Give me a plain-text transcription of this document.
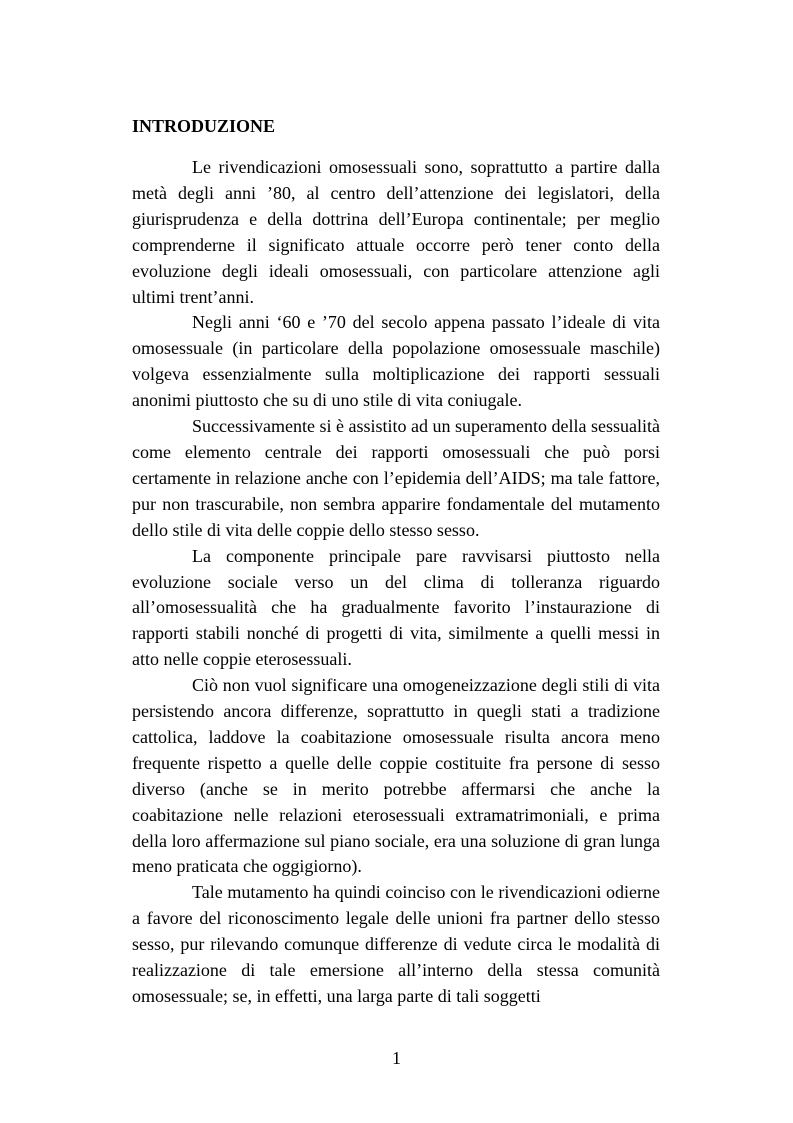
INTRODUZIONE

Le rivendicazioni omosessuali sono, soprattutto a partire dalla metà degli anni ’80, al centro dell’attenzione dei legislatori, della giurisprudenza e della dottrina dell’Europa continentale; per meglio comprenderne il significato attuale occorre però tener conto della evoluzione degli ideali omosessuali, con particolare attenzione agli ultimi trent’anni.

Negli anni ‘60 e ’70 del secolo appena passato l’ideale di vita omosessuale (in particolare della popolazione omosessuale maschile) volgeva essenzialmente sulla moltiplicazione dei rapporti sessuali anonimi piuttosto che su di uno stile di vita coniugale.

Successivamente si è assistito ad un superamento della sessualità come elemento centrale dei rapporti omosessuali che può porsi certamente in relazione anche con l’epidemia dell’AIDS; ma tale fattore, pur non trascurabile, non sembra apparire fondamentale del mutamento dello stile di vita delle coppie dello stesso sesso.

La componente principale pare ravvisarsi piuttosto nella evoluzione sociale verso un del clima di tolleranza riguardo all’omosessualità che ha gradualmente favorito l’instaurazione di rapporti stabili nonché di progetti di vita, similmente a quelli messi in atto nelle coppie eterosessuali.

Ciò non vuol significare una omogeneizzazione degli stili di vita persistendo ancora differenze, soprattutto in quegli stati a tradizione cattolica, laddove la coabitazione omosessuale risulta ancora meno frequente rispetto a quelle delle coppie costituite fra persone di sesso diverso (anche se in merito potrebbe affermarsi che anche la coabitazione nelle relazioni eterosessuali extramatrimoniali, e prima della loro affermazione sul piano sociale, era una soluzione di gran lunga meno praticata che oggigiorno).

Tale mutamento ha quindi coinciso con le rivendicazioni odierne a favore del riconoscimento legale delle unioni fra partner dello stesso sesso, pur rilevando comunque differenze di vedute circa le modalità di realizzazione di tale emersione all’interno della stessa comunità omosessuale; se, in effetti, una larga parte di tali soggetti

1
